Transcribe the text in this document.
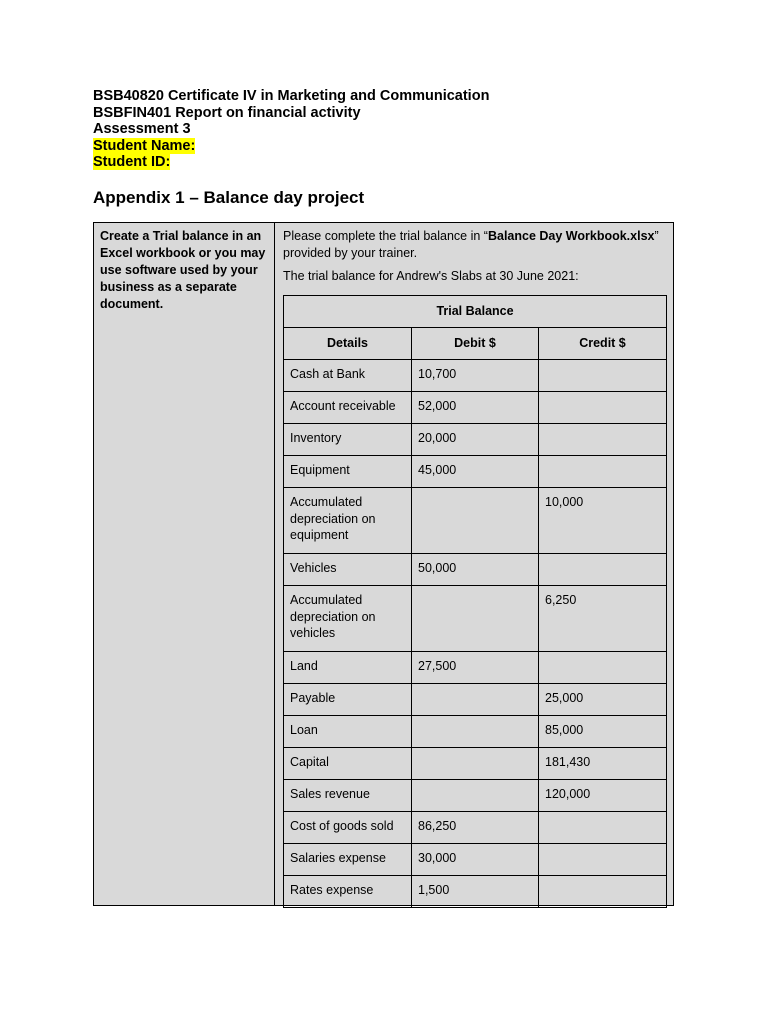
BSB40820 Certificate IV in Marketing and Communication
BSBFIN401 Report on financial activity
Assessment 3
Student Name:
Student ID:
Appendix 1 – Balance day project
Create a Trial balance in an Excel workbook or you may use software used by your business as a separate document.

Please complete the trial balance in “Balance Day Workbook.xlsx” provided by your trainer.

The trial balance for Andrew's Slabs at 30 June 2021:

Trial Balance		
Details	Debit $	Credit $
Cash at Bank	10,700	
Account receivable	52,000	
Inventory	20,000	
Equipment	45,000	
Accumulated depreciation on equipment		10,000
Vehicles	50,000	
Accumulated depreciation on vehicles		6,250
Land	27,500	
Payable		25,000
Loan		85,000
Capital		181,430
Sales revenue		120,000
Cost of goods sold	86,250	
Salaries expense	30,000	
Rates expense	1,500	
